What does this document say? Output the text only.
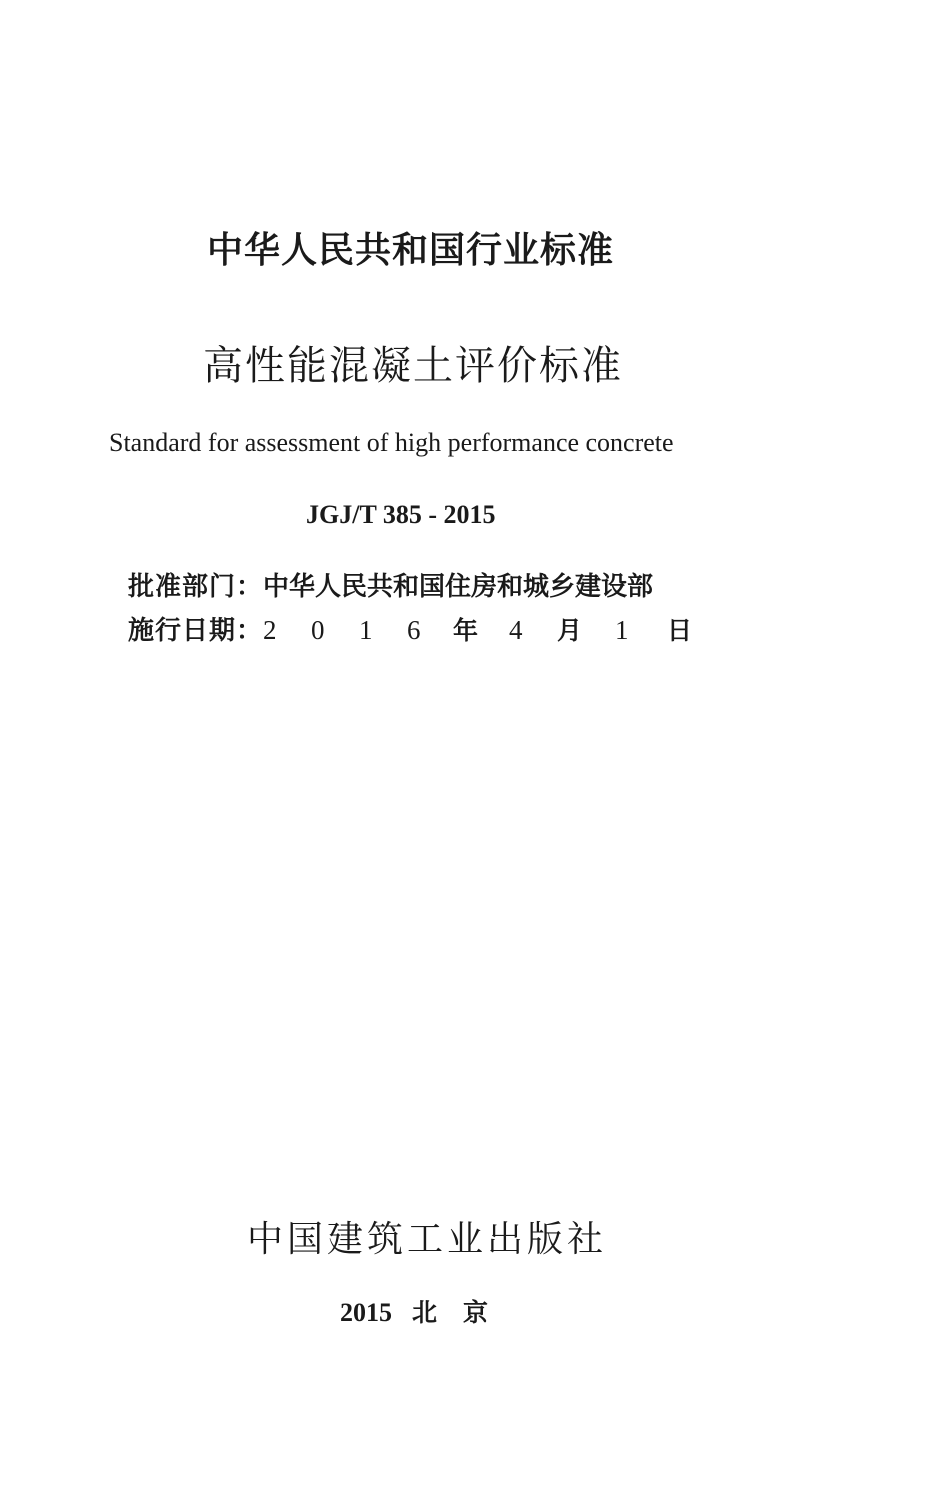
中华人民共和国行业标准

高性能混凝土评价标准

Standard for assessment of high performance concrete

JGJ/T 385 - 2015

批准部门： 中华人民共和国住房和城乡建设部
施行日期： 2	0	1	6	年	4	月	1	日

中国建筑工业出版社

2015 北京
